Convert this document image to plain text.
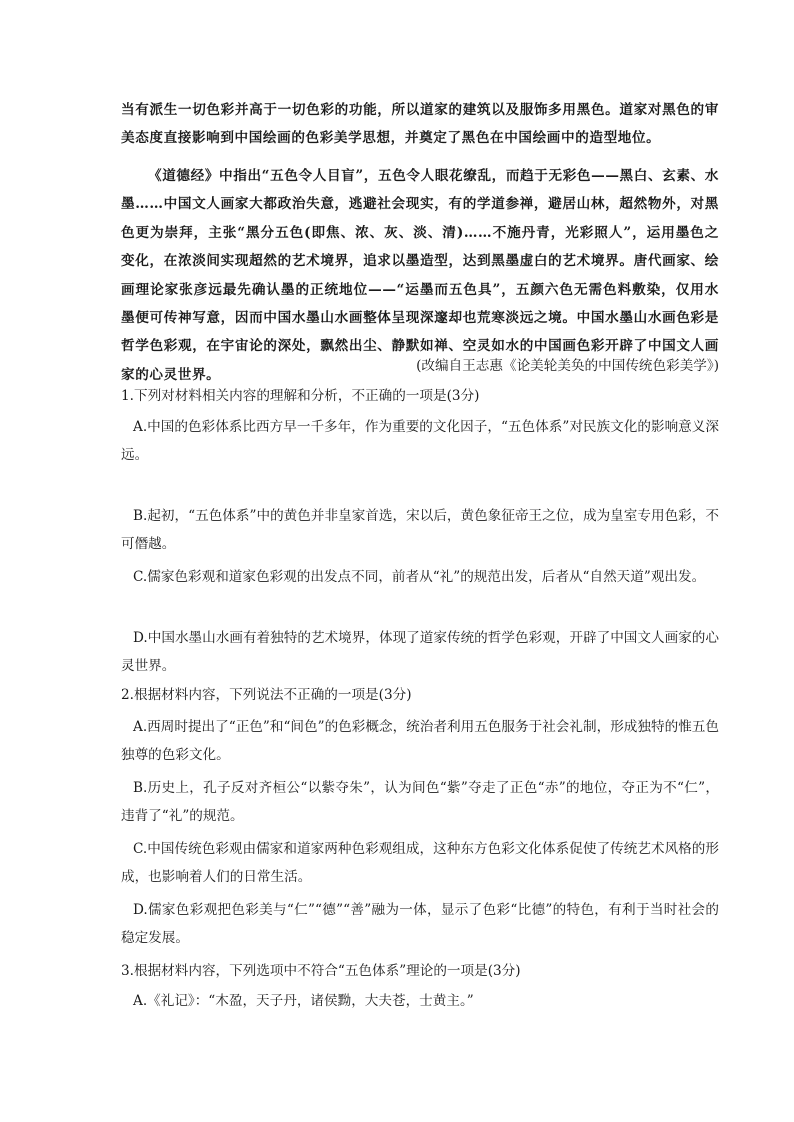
当有派生一切色彩并高于一切色彩的功能，所以道家的建筑以及服饰多用黑色。道家对黑色的审美态度直接影响到中国绘画的色彩美学思想，并奠定了黑色在中国绘画中的造型地位。

《道德经》中指出“五色令人目盲”，五色令人眼花缭乱，而趋于无彩色——黑白、玄素、水墨……中国文人画家大都政治失意，逃避社会现实，有的学道参禅，避居山林，超然物外，对黑色更为崇拜，主张“黑分五色(即焦、浓、灰、淡、清)……不施丹青，光彩照人”，运用墨色之变化，在浓淡间实现超然的艺术境界，追求以墨造型，达到黑墨虚白的艺术境界。唐代画家、绘画理论家张彦远最先确认墨的正统地位——“运墨而五色具”，五颜六色无需色料敷染，仅用水墨便可传神写意，因而中国水墨山水画整体呈现深邃却也荒寒淡远之境。中国水墨山水画色彩是哲学色彩观，在宇宙论的深处，飘然出尘、静默如禅、空灵如水的中国画色彩开辟了中国文人画家的心灵世界。

(改编自王志惠《论美轮美奂的中国传统色彩美学》)

1.下列对材料相关内容的理解和分析，不正确的一项是(3分)

A.中国的色彩体系比西方早一千多年，作为重要的文化因子，“五色体系”对民族文化的影响意义深远。

B.起初，“五色体系”中的黄色并非皇家首选，宋以后，黄色象征帝王之位，成为皇室专用色彩，不可僭越。

C.儒家色彩观和道家色彩观的出发点不同，前者从“礼”的规范出发，后者从“自然天道”观出发。

D.中国水墨山水画有着独特的艺术境界，体现了道家传统的哲学色彩观，开辟了中国文人画家的心灵世界。

2.根据材料内容，下列说法不正确的一项是(3分)

A.西周时提出了“正色”和“间色”的色彩概念，统治者利用五色服务于社会礼制，形成独特的惟五色独尊的色彩文化。

B.历史上，孔子反对齐桓公“以紫夺朱”，认为间色“紫”夺走了正色“赤”的地位，夺正为不“仁”，违背了“礼”的规范。

C.中国传统色彩观由儒家和道家两种色彩观组成，这种东方色彩文化体系促使了传统艺术风格的形成，也影响着人们的日常生活。

D.儒家色彩观把色彩美与“仁”“德”“善”融为一体，显示了色彩“比德”的特色，有利于当时社会的稳定发展。

3.根据材料内容，下列选项中不符合“五色体系”理论的一项是(3分)

A.《礼记》：“木盈，天子丹，诸侯黝，大夫苍，士黄主。”
